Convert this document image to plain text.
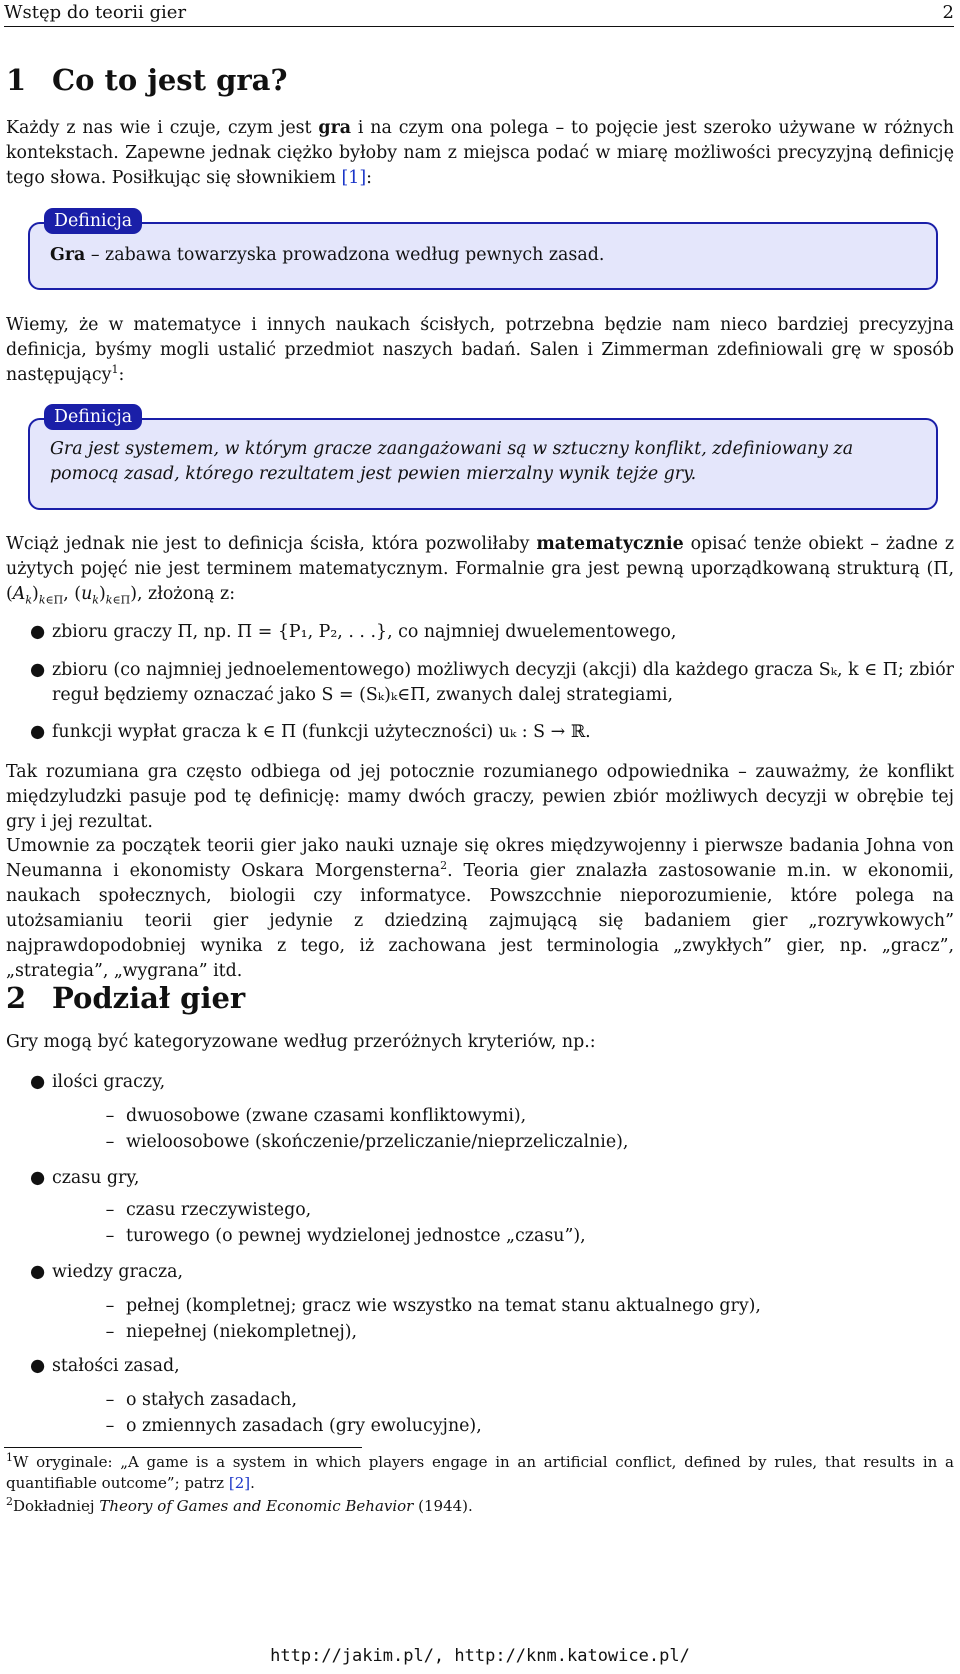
Wstęp do teorii gier	2
1 Co to jest gra?

Każdy z nas wie i czuje, czym jest gra i na czym ona polega – to pojęcie jest szeroko używane w różnych kontekstach. Zapewne jednak ciężko byłoby nam z miejsca podać w miarę możliwości precyzyjną definicję tego słowa. Posiłkując się słownikiem [1]:

Gra – zabawa towarzyska prowadzona według pewnych zasad.
Definicja

Wiemy, że w matematyce i innych naukach ścisłych, potrzebna będzie nam nieco bardziej precyzyjna definicja, byśmy mogli ustalić przedmiot naszych badań. Salen i Zimmerman zdefiniowali grę w sposób następujący$^1$:

Gra jest systemem, w którym gracze zaangażowani są w sztuczny konflikt, zdefiniowany za pomocą zasad, którego rezultatem jest pewien mierzalny wynik tejże gry.
Definicja

Wciąż jednak nie jest to definicja ścisła, która pozwoliłaby matematycznie opisać tenże obiekt – żadne z użytych pojęć nie jest terminem matematycznym. Formalnie gra jest pewną uporządkowaną strukturą (Π, $(A_k)_{k\in\Pi}$, $(u_k)_{k\in\Pi}$), złożoną z:

● zbioru graczy Π, np. Π = {P₁, P₂, . . .}, co najmniej dwuelementowego,
● zbioru (co najmniej jednoelementowego) możliwych decyzji (akcji) dla każdego gracza Sₖ, k ∈ Π; zbiór reguł będziemy oznaczać jako S = (Sₖ)ₖ∈Π, zwanych dalej strategiami,
● funkcji wypłat gracza k ∈ Π (funkcji użyteczności) uₖ : S → ℝ.

Tak rozumiana gra często odbiega od jej potocznie rozumianego odpowiednika – zauważmy, że konflikt międzyludzki pasuje pod tę definicję: mamy dwóch graczy, pewien zbiór możliwych decyzji w obrębie tej gry i jej rezultat.

Umownie za początek teorii gier jako nauki uznaje się okres międzywojenny i pierwsze badania Johna von Neumanna i ekonomisty Oskara Morgensterna$^2$. Teoria gier znalazła zastosowanie m.in. w ekonomii, naukach społecznych, biologii czy informatyce. Powszcchnie nieporozumienie, które polega na utożsamianiu teorii gier jedynie z dziedziną zajmującą się badaniem gier „rozrywkowych” najprawdopodobniej wynika z tego, iż zachowana jest terminologia „zwykłych” gier, np. „gracz”, „strategia”, „wygrana” itd.

2 Podział gier

Gry mogą być kategoryzowane według przeróżnych kryteriów, np.:

● ilości graczy,
– dwuosobowe (zwane czasami konfliktowymi),
– wieloosobowe (skończenie/przeliczanie/nieprzeliczalnie),
● czasu gry,
– czasu rzeczywistego,
– turowego (o pewnej wydzielonej jednostce „czasu”),
● wiedzy gracza,
– pełnej (kompletnej; gracz wie wszystko na temat stanu aktualnego gry),
– niepełnej (niekompletnej),
● stałości zasad,
– o stałych zasadach,
– o zmiennych zasadach (gry ewolucyjne),
$^1$W oryginale: „A game is a system in which players engage in an artificial conflict, defined by rules, that results in a quantifiable outcome”; patrz [2].
$^2$Dokładniej Theory of Games and Economic Behavior (1944).
http://jakim.pl/, http://knm.katowice.pl/
